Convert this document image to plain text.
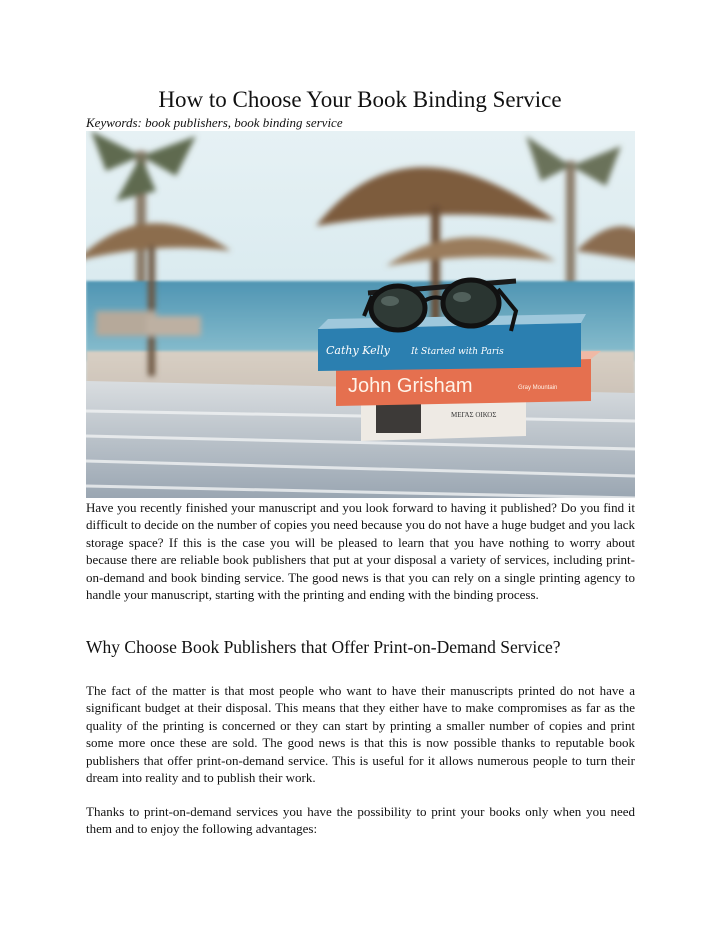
How to Choose Your Book Binding Service
Keywords: book publishers, book binding service
ΜΕΓΑΣ ΟΙΚΟΣ
John Grisham	Gray Mountain
Cathy Kelly It Started with Paris

Have you recently finished your manuscript and you look forward to having it published? Do you find it difficult to decide on the number of copies you need because you do not have a huge budget and you lack storage space? If this is the case you will be pleased to learn that you have nothing to worry about because there are reliable book publishers that put at your disposal a variety of services, including print-on-demand and book binding service. The good news is that you can rely on a single printing agency to handle your manuscript, starting with the printing and ending with the binding process.

Why Choose Book Publishers that Offer Print-on-Demand Service?

The fact of the matter is that most people who want to have their manuscripts printed do not have a significant budget at their disposal. This means that they either have to make compromises as far as the quality of the printing is concerned or they can start by printing a smaller number of copies and print some more once these are sold. The good news is that this is now possible thanks to reputable book publishers that offer print-on-demand service. This is useful for it allows numerous people to turn their dream into reality and to publish their work.

Thanks to print-on-demand services you have the possibility to print your books only when you need them and to enjoy the following advantages:
